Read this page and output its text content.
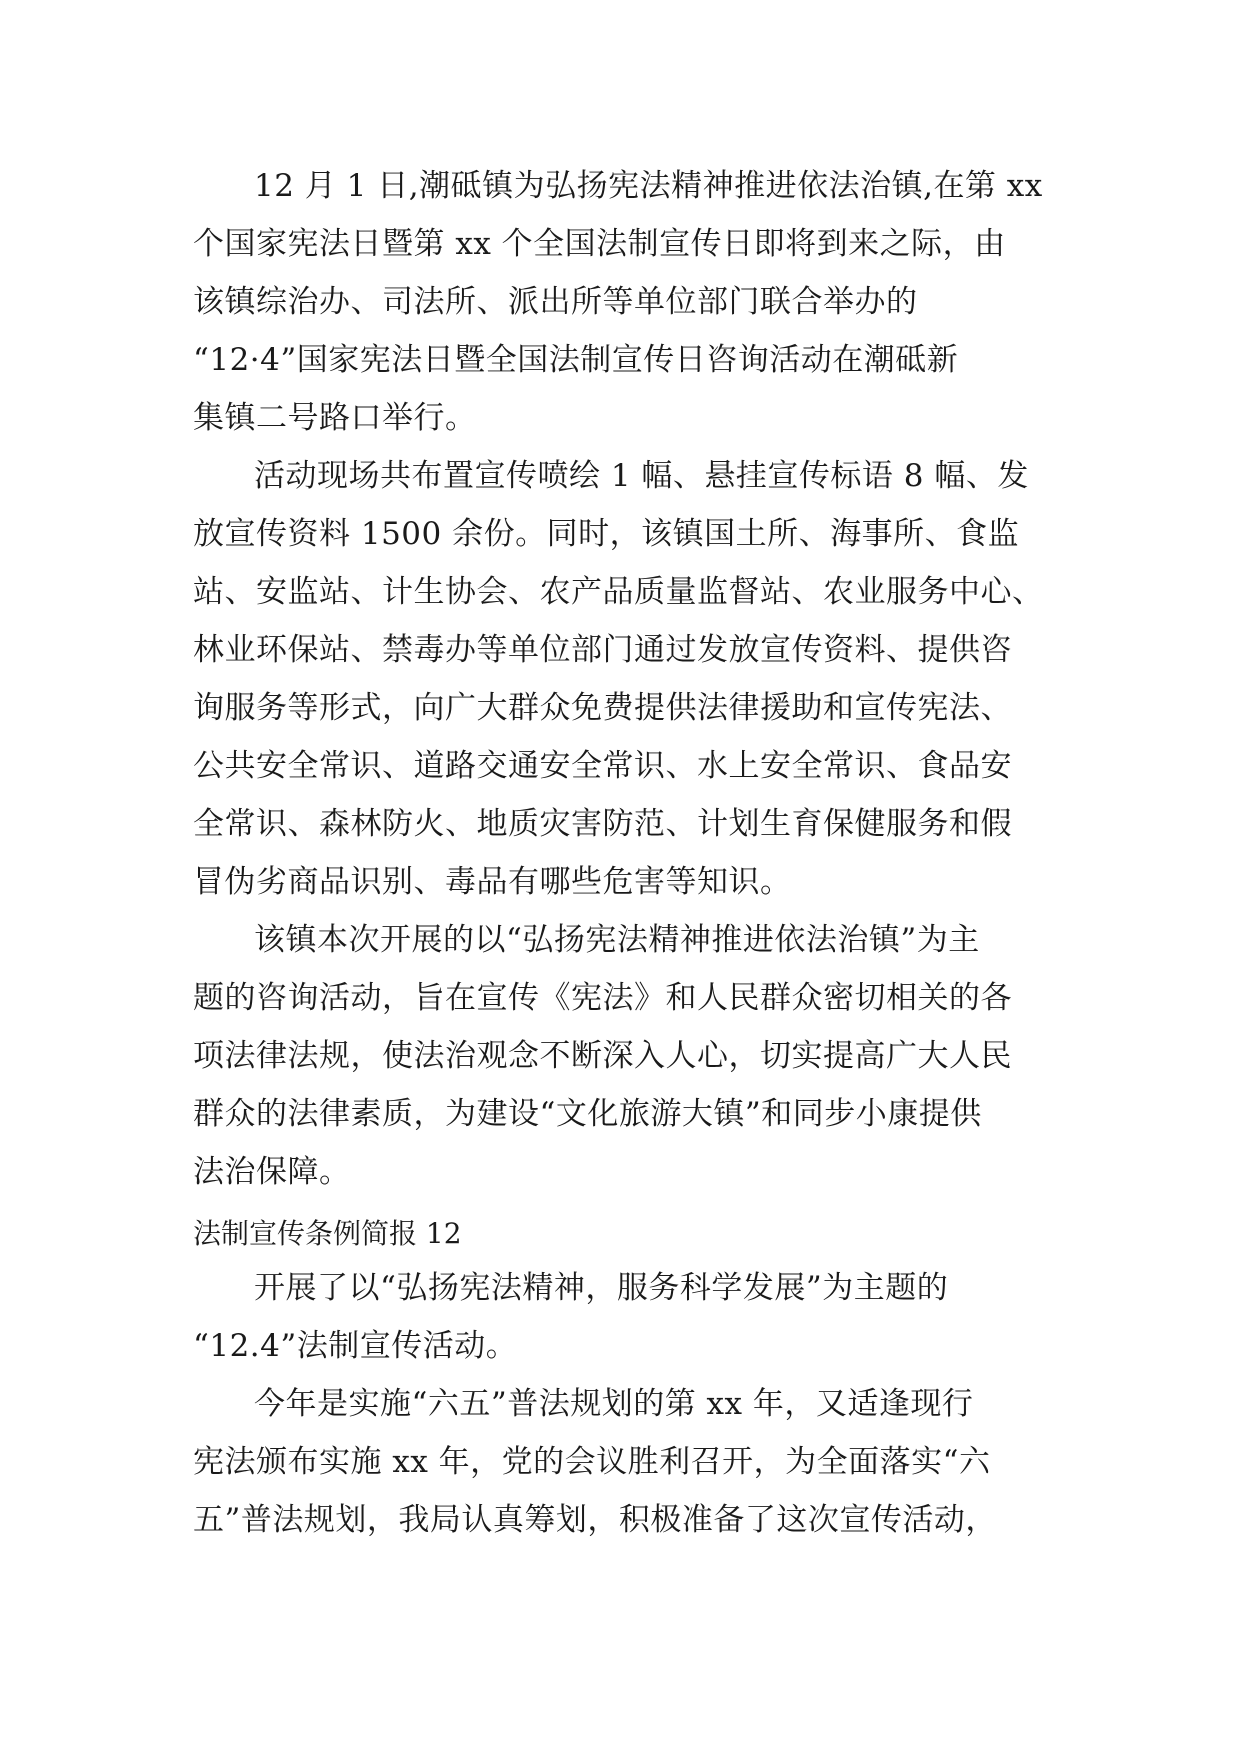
12 月 1 日,潮砥镇为弘扬宪法精神推进依法治镇,在第 xx
个国家宪法日暨第 xx 个全国法制宣传日即将到来之际，由
该镇综治办、司法所、派出所等单位部门联合举办的
“12·4”国家宪法日暨全国法制宣传日咨询活动在潮砥新
集镇二号路口举行。
活动现场共布置宣传喷绘 1 幅、悬挂宣传标语 8 幅、发
放宣传资料 1500 余份。同时，该镇国土所、海事所、食监
站、安监站、计生协会、农产品质量监督站、农业服务中心、
林业环保站、禁毒办等单位部门通过发放宣传资料、提供咨
询服务等形式，向广大群众免费提供法律援助和宣传宪法、
公共安全常识、道路交通安全常识、水上安全常识、食品安
全常识、森林防火、地质灾害防范、计划生育保健服务和假
冒伪劣商品识别、毒品有哪些危害等知识。
该镇本次开展的以“弘扬宪法精神推进依法治镇”为主
题的咨询活动，旨在宣传《宪法》和人民群众密切相关的各
项法律法规，使法治观念不断深入人心，切实提高广大人民
群众的法律素质，为建设“文化旅游大镇”和同步小康提供
法治保障。
法制宣传条例简报 12
开展了以“弘扬宪法精神，服务科学发展”为主题的
“12.4”法制宣传活动。
今年是实施“六五”普法规划的第 xx 年，又适逢现行
宪法颁布实施 xx 年，党的会议胜利召开，为全面落实“六
五”普法规划，我局认真筹划，积极准备了这次宣传活动，
